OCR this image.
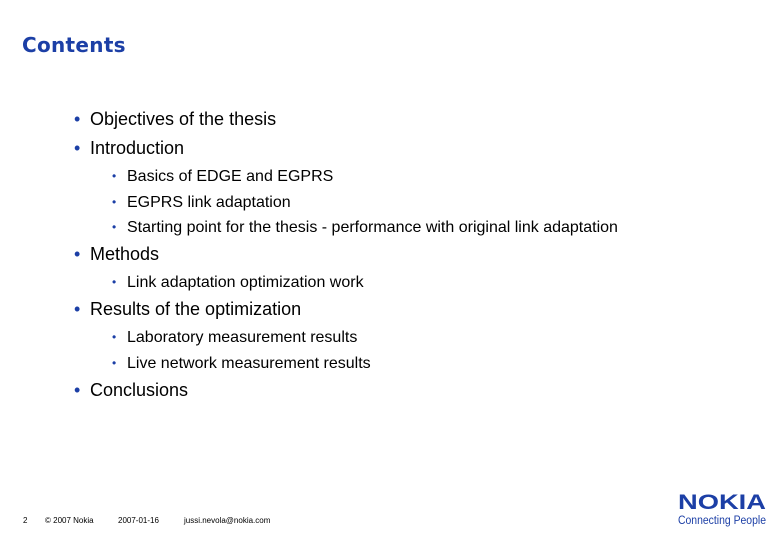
Contents
• Objectives of the thesis
• Introduction
• Basics of EDGE and EGPRS
• EGPRS link adaptation
• Starting point for the thesis - performance with original link adaptation
• Methods
• Link adaptation optimization work
• Results of the optimization
• Laboratory measurement results
• Live network measurement results
• Conclusions
2 © 2007 Nokia	2007-01-16	jussi.nevola@nokia.com
NOKIA
Connecting People
